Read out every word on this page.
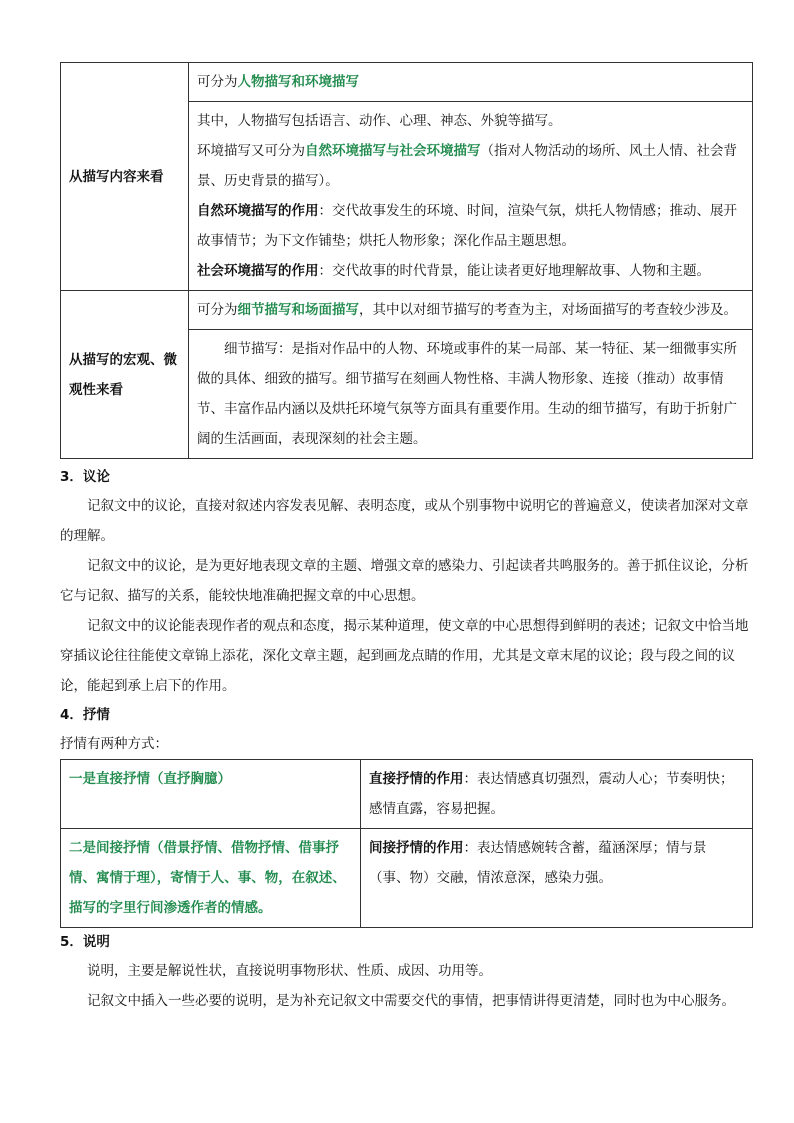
从描写内容来看	可分为人物描写和环境描写

	其中，人物描写包括语言、动作、心理、神态、外貌等描写。

环境描写又可分为自然环境描写与社会环境描写（指对人物活动的场所、风土人情、社会背景、历史背景的描写）。

自然环境描写的作用：交代故事发生的环境、时间，渲染气氛，烘托人物情感；推动、展开故事情节；为下文作铺垫；烘托人物形象；深化作品主题思想。

社会环境描写的作用：交代故事的时代背景，能让读者更好地理解故事、人物和主题。

从描写的宏观、微观性来看	可分为细节描写和场面描写，其中以对细节描写的考查为主，对场面描写的考查较少涉及。

	细节描写：是指对作品中的人物、环境或事件的某一局部、某一特征、某一细微事实所做的具体、细致的描写。细节描写在刻画人物性格、丰满人物形象、连接（推动）故事情节、丰富作品内涵以及烘托环境气氛等方面具有重要作用。生动的细节描写，有助于折射广阔的生活画面，表现深刻的社会主题。

3．议论

记叙文中的议论，直接对叙述内容发表见解、表明态度，或从个别事物中说明它的普遍意义，使读者加深对文章的理解。

记叙文中的议论，是为更好地表现文章的主题、增强文章的感染力、引起读者共鸣服务的。善于抓住议论，分析它与记叙、描写的关系，能较快地准确把握文章的中心思想。

记叙文中的议论能表现作者的观点和态度，揭示某种道理，使文章的中心思想得到鲜明的表述；记叙文中恰当地穿插议论往往能使文章锦上添花，深化文章主题，起到画龙点睛的作用，尤其是文章末尾的议论；段与段之间的议论，能起到承上启下的作用。

4．抒情

抒情有两种方式：

一是直接抒情（直抒胸臆）	直接抒情的作用：表达情感真切强烈，震动人心；节奏明快；感情直露，容易把握。
二是间接抒情（借景抒情、借物抒情、借事抒情、寓情于理），寄情于人、事、物，在叙述、描写的字里行间渗透作者的情感。	间接抒情的作用：表达情感婉转含蓄，蕴涵深厚；情与景（事、物）交融，情浓意深，感染力强。

5．说明

说明，主要是解说性状，直接说明事物形状、性质、成因、功用等。

记叙文中插入一些必要的说明，是为补充记叙文中需要交代的事情，把事情讲得更清楚，同时也为中心服务。
